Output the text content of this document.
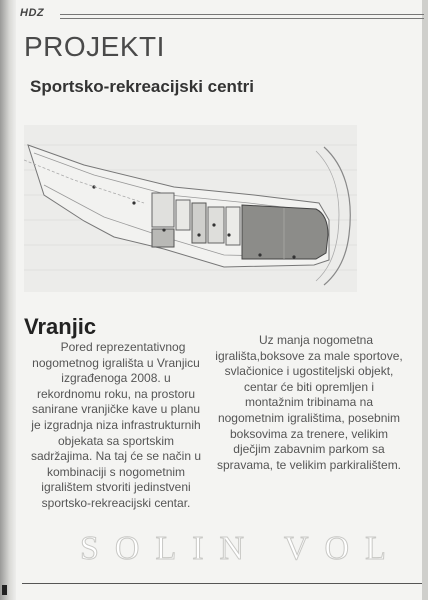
HDZ
PROJEKTI
Sportsko-rekreacijski centri
Vranjic
Pored reprezentativnog nogometnog igrališta u Vranjicu izgrađenoga 2008. u rekordnomu roku, na prostoru sanirane vranjičke kave u planu je izgradnja niza infrastrukturnih objekata sa sportskim sadržajima. Na taj će se način u kombinaciji s nogometnim igralištem stvoriti jedinstveni sportsko-rekreacijski centar.
Uz manja nogometna igrališta,boksove za male sportove, svlačionice i ugostiteljski objekt, centar će biti opremljen i montažnim tribinama na nogometnim igralištima, posebnim boksovima za trenere, velikim dječjim zabavnim parkom sa spravama, te velikim parkiralištem.
SOLIN VOL
